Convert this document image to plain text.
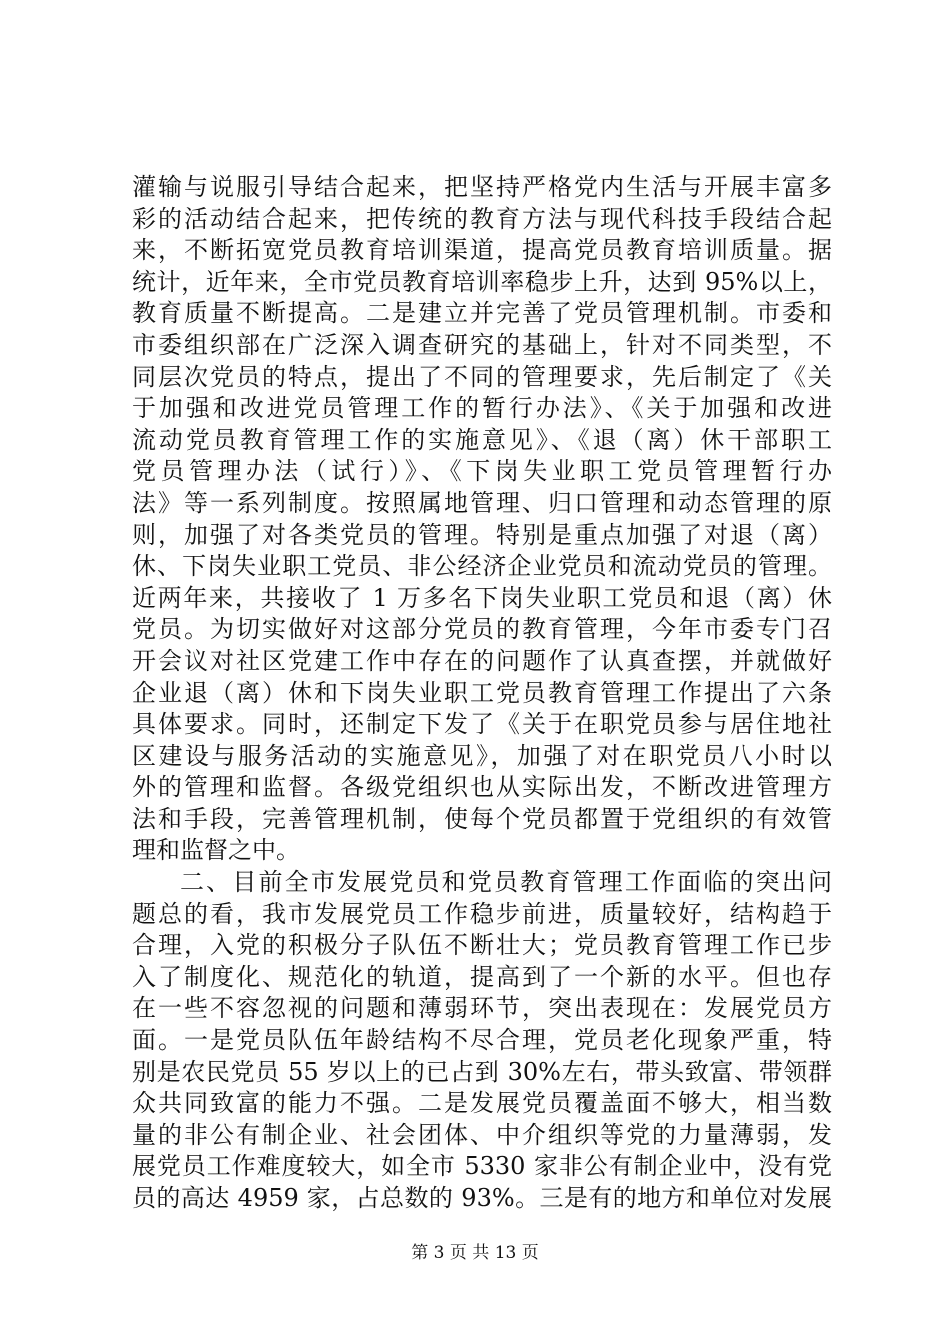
灌输与说服引导结合起来，把坚持严格党内生活与开展丰富多
彩的活动结合起来，把传统的教育方法与现代科技手段结合起
来，不断拓宽党员教育培训渠道，提高党员教育培训质量。据
统计，近年来，全市党员教育培训率稳步上升，达到 95%以上，
教育质量不断提高。二是建立并完善了党员管理机制。市委和
市委组织部在广泛深入调查研究的基础上，针对不同类型，不
同层次党员的特点，提出了不同的管理要求，先后制定了《关
于加强和改进党员管理工作的暂行办法》、《关于加强和改进
流动党员教育管理工作的实施意见》、《退（离）休干部职工
党员管理办法（试行）》、《下岗失业职工党员管理暂行办
法》等一系列制度。按照属地管理、归口管理和动态管理的原
则，加强了对各类党员的管理。特别是重点加强了对退（离）
休、下岗失业职工党员、非公经济企业党员和流动党员的管理。
近两年来，共接收了 1 万多名下岗失业职工党员和退（离）休
党员。为切实做好对这部分党员的教育管理，今年市委专门召
开会议对社区党建工作中存在的问题作了认真查摆，并就做好
企业退（离）休和下岗失业职工党员教育管理工作提出了六条
具体要求。同时，还制定下发了《关于在职党员参与居住地社
区建设与服务活动的实施意见》，加强了对在职党员八小时以
外的管理和监督。各级党组织也从实际出发，不断改进管理方
法和手段，完善管理机制，使每个党员都置于党组织的有效管
理和监督之中。
二、目前全市发展党员和党员教育管理工作面临的突出问
题总的看，我市发展党员工作稳步前进，质量较好，结构趋于
合理，入党的积极分子队伍不断壮大；党员教育管理工作已步
入了制度化、规范化的轨道，提高到了一个新的水平。但也存
在一些不容忽视的问题和薄弱环节，突出表现在：发展党员方
面。一是党员队伍年龄结构不尽合理，党员老化现象严重，特
别是农民党员 55 岁以上的已占到 30%左右，带头致富、带领群
众共同致富的能力不强。二是发展党员覆盖面不够大，相当数
量的非公有制企业、社会团体、中介组织等党的力量薄弱，发
展党员工作难度较大，如全市 5330 家非公有制企业中，没有党
员的高达 4959 家，占总数的 93%。三是有的地方和单位对发展
第 3 页 共 13 页
